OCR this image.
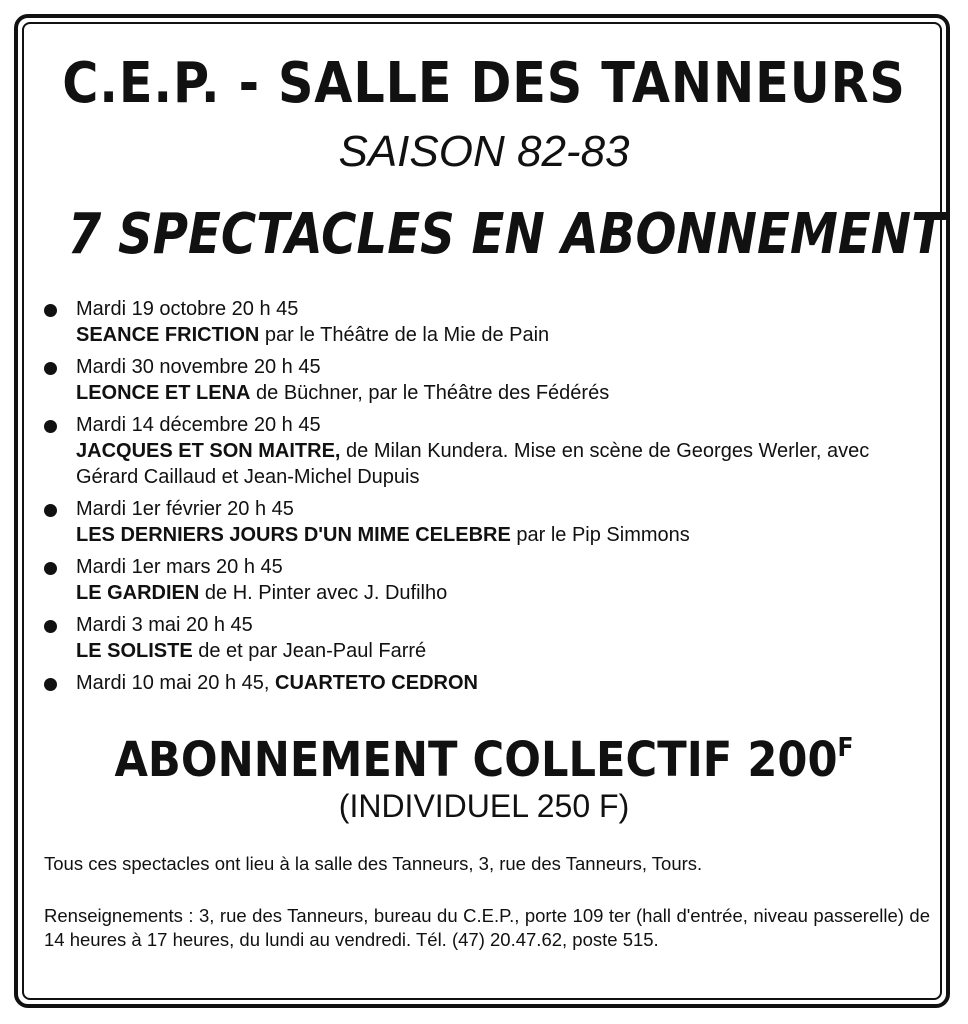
C.E.P. - SALLE DES TANNEURS
SAISON 82-83
7 SPECTACLES EN ABONNEMENT
Mardi 19 octobre 20 h 45
SEANCE FRICTION par le Théâtre de la Mie de Pain
Mardi 30 novembre 20 h 45
LEONCE ET LENA de Büchner, par le Théâtre des Fédérés
Mardi 14 décembre 20 h 45
JACQUES ET SON MAITRE, de Milan Kundera. Mise en scène de Georges Werler, avec Gérard Caillaud et Jean-Michel Dupuis
Mardi 1er février 20 h 45
LES DERNIERS JOURS D'UN MIME CELEBRE par le Pip Simmons
Mardi 1er mars 20 h 45
LE GARDIEN de H. Pinter avec J. Dufilho
Mardi 3 mai 20 h 45
LE SOLISTE de et par Jean-Paul Farré
Mardi 10 mai 20 h 45, CUARTETO CEDRON
ABONNEMENT COLLECTIF $200^F$
(INDIVIDUEL 250 F)
Tous ces spectacles ont lieu à la salle des Tanneurs, 3, rue des Tanneurs, Tours.
Renseignements : 3, rue des Tanneurs, bureau du C.E.P., porte 109 ter (hall d'entrée, niveau passerelle) de 14 heures à 17 heures, du lundi au vendredi. Tél. (47) 20.47.62, poste 515.
